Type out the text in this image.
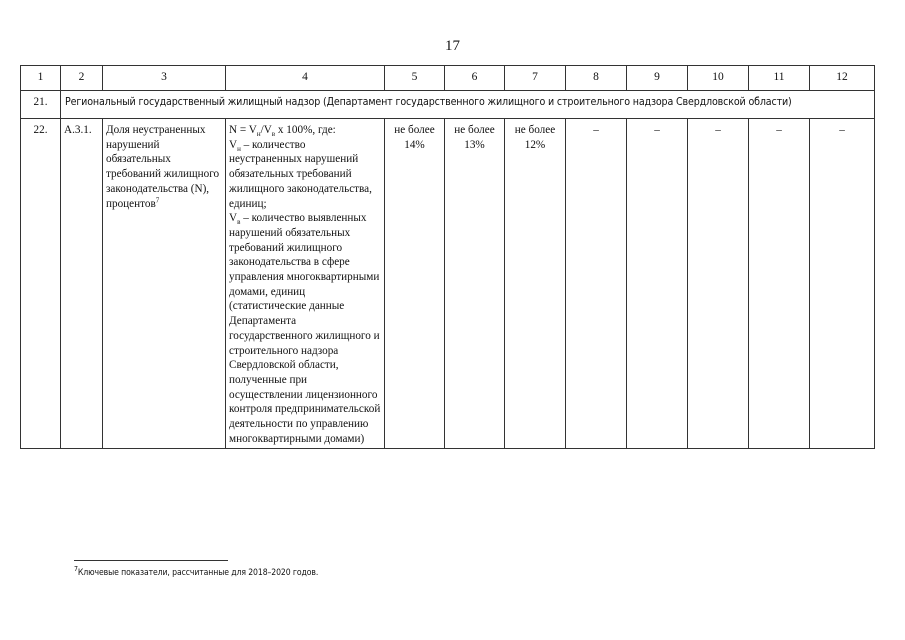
17
1	2	3	4	5	6	7	8	9	10	11	12
21.	Региональный государственный жилищный надзор (Департамент государственного жилищного и строительного надзора Свердловской области)										
22.	А.3.1.	Доля неустраненных нарушений обязательных требований жилищного законодательства (N), процентов$^7$	$N = V_н/V_в$ x 100%, где:
$V_н$ – количество неустраненных нарушений обязательных требований жилищного законодательства, единиц;
$V_в$ – количество выявленных нарушений обязательных требований жилищного законодательства в сфере управления многоквартирными домами, единиц (статистические данные Департамента государственного жилищного и строительного надзора Свердловской области, полученные при осуществлении лицензионного контроля предпринимательской деятельности по управлению многоквартирными домами)	не более 14%	не более 13%	не более 12%	–	–	–	–	–
$^7$Ключевые показатели, рассчитанные для 2018–2020 годов.
